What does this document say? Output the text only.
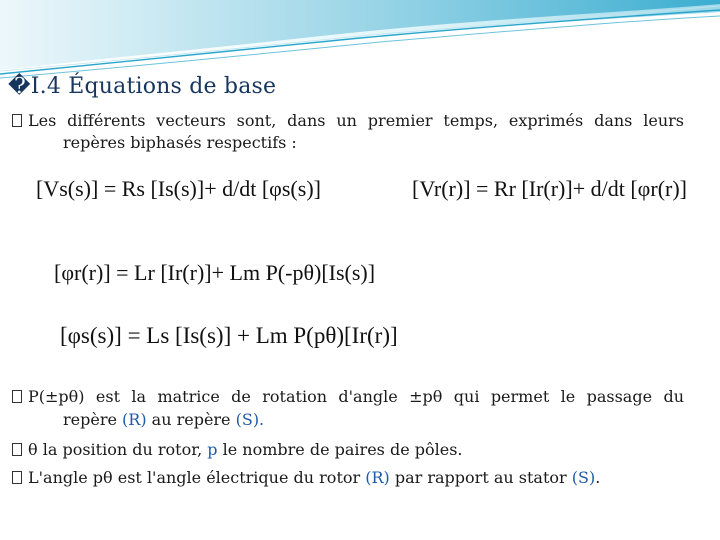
�I.4 Équations de base
Les différents vecteurs sont, dans un premier temps, exprimés dans leurs
repères biphasés respectifs :
[Vs(s)] = Rs [Is(s)]+ d/dt [φs(s)]	[Vr(r)] = Rr [Ir(r)]+ d/dt [φr(r)]
[φr(r)] = Lr [Ir(r)]+ Lm P(-pθ)[Is(s)]
[φs(s)] = Ls [Is(s)] + Lm P(pθ)[Ir(r)]
P(±pθ) est la matrice de rotation d'angle ±pθ qui permet le passage du
repère (R) au repère (S).
θ la position du rotor, p le nombre de paires de pôles.
L'angle pθ est l'angle électrique du rotor (R) par rapport au stator (S).
